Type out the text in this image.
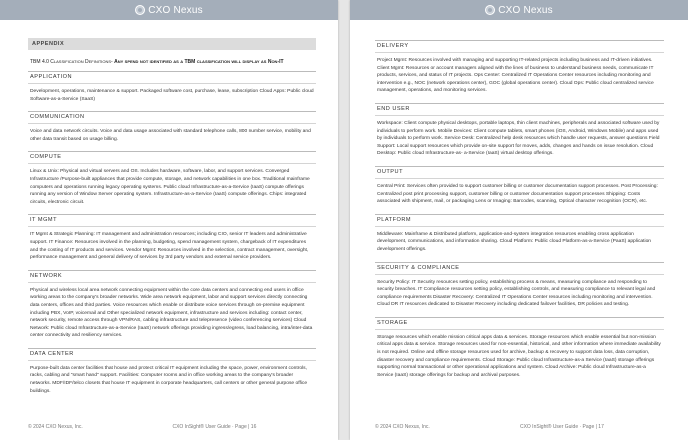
CXO Nexus
APPENDIX
TBM 4.0 Classification Definitions- Any spend not identified as a TBM classification will display as Non-IT
APPLICATION
Development, operations, maintenance & support. Packaged software cost, purchase, lease, subscription Cloud Apps: Public cloud Software-as-a-Service (SaaS)
COMMUNICATION
Voice and data network circuits. Voice and data usage associated with standard telephone calls, 800 number service, mobility and other data transit based on usage billing.
COMPUTE
Linux & Unix: Physical and virtual servers and OS. Includes hardware, software, labor, and support services. Converged Infrastructure /Purpose-built appliances that provide compute, storage, and network capabilities in one box. Traditional mainframe computers and operations running legacy operating systems. Public cloud Infrastructure-as-a-Service (IaaS) compute offerings running any version of Window Server operating system. Infrastructure-as-a-Service (IaaS) compute offerings. Chips: integrated circuits, electronic circuit.
IT MGMT
IT Mgmt & Strategic Planning: IT management and administration resources; including CIO, senior IT leaders and administrative support. IT Finance: Resources involved in the planning, budgeting, spend management system, chargeback of IT expenditures and the costing of IT products and services. Vendor Mgmt: Resources involved in the selection, contract management, oversight, performance management and general delivery of services by 3rd party vendors and external service providers.
NETWORK
Physical and wireless local area network connecting equipment within the core data centers and connecting end users in office working areas to the company's broader networks. Wide area network equipment, labor and support services directly connecting data centers, offices and third parties. Voice resources which enable or distribute voice services through on-premise equipment including PBX, VoIP, voicemail and Other specialized network equipment, infrastructure and services including: contact center, network security, remote access through VPN/RAS, cabling infrastructure and telepresence (video conferencing services) Cloud Network: Public cloud Infrastructure-as-a-Service (IaaS) network offerings providing ingress/egress, load balancing, intra/inter-data center connectivity and resiliency services.
DATA CENTER
Purpose-built data center facilities that house and protect critical IT equipment including the space, power, environment controls, racks, cabling and "smart hand" support. Facilities: Computer rooms and in office working areas to the company's broader networks. MDF/IDF/telco closets that house IT equipment in corporate headquarters, call centers or other general purpose office buildings.
© 2024 CXO Nexus, Inc.	CXO InSight® User Guide · Page | 16
CXO Nexus
DELIVERY
Project Mgmt: Resources involved with managing and supporting IT-related projects including business and IT-driven initiatives. Client Mgmt: Resources or account managers aligned with the lines of business to understand business needs, communicate IT products, services, and status of IT projects. Ops Center: Centralized IT Operations Center resources including monitoring and intervention e.g., NOC (network operations center), GOC (global operations center). Cloud Ops: Public cloud centralized service management, operations, and monitoring services.
END USER
Workspace: Client compute physical desktops, portable laptops, thin client machines, peripherals and associated software used by individuals to perform work. Mobile Devices: Client compute tablets, smart phones (iOS, Android, Windows Mobile) and apps used by individuals to perform work. Service Desk: Centralized help desk resources which handle user requests, answer questions Field Support: Local support resources which provide on-site support for moves, adds, changes and hands on issue resolution. Cloud Desktop: Public cloud Infrastructure-as- a-Service (IaaS) virtual desktop offerings.
OUTPUT
Central Print: Services often provided to support customer billing or customer documentation support processes. Post Processing: Centralized post print processing support, customer billing or customer documentation support processes Shipping: Costs associated with shipment, mail, or packaging Lens or Imaging: Barcodes, scanning, Optical character recognition (OCR), etc.
PLATFORM
Middleware: Mainframe & Distributed platform, application-and-system integration resources enabling cross application development, communications, and information sharing. Cloud Platform: Public cloud Platform-as-a-Service (PaaS) application development offerings.
SECURITY & COMPLIANCE
Security Policy: IT Security resources setting policy, establishing process & means, measuring compliance and responding to security breaches. IT Compliance resources setting policy, establishing controls, and measuring compliance to relevant legal and compliance requirements Disaster Recovery: Centralized IT Operations Center resources including monitoring and intervention. Cloud DR IT resources dedicated to Disaster Recovery including dedicated failover facilities, DR policies and testing.
STORAGE
Storage resources which enable mission critical apps data & services. Storage resources which enable essential but non-mission critical apps data & service. Storage resources used for non-essential, historical, and other information where immediate availability is not required. Online and offline storage resources used for archive, backup & recovery to support data loss, data corruption, disaster recovery and compliance requirements. Cloud Storage: Public cloud Infrastructure-as-a Service (IaaS) storage offerings supporting normal transactional or other operational applications and system. Cloud Archive: Public cloud Infrastructure-as-a Service (IaaS) storage offerings for backup and archival purposes.
© 2024 CXO Nexus, Inc.	CXO InSight® User Guide · Page | 17
